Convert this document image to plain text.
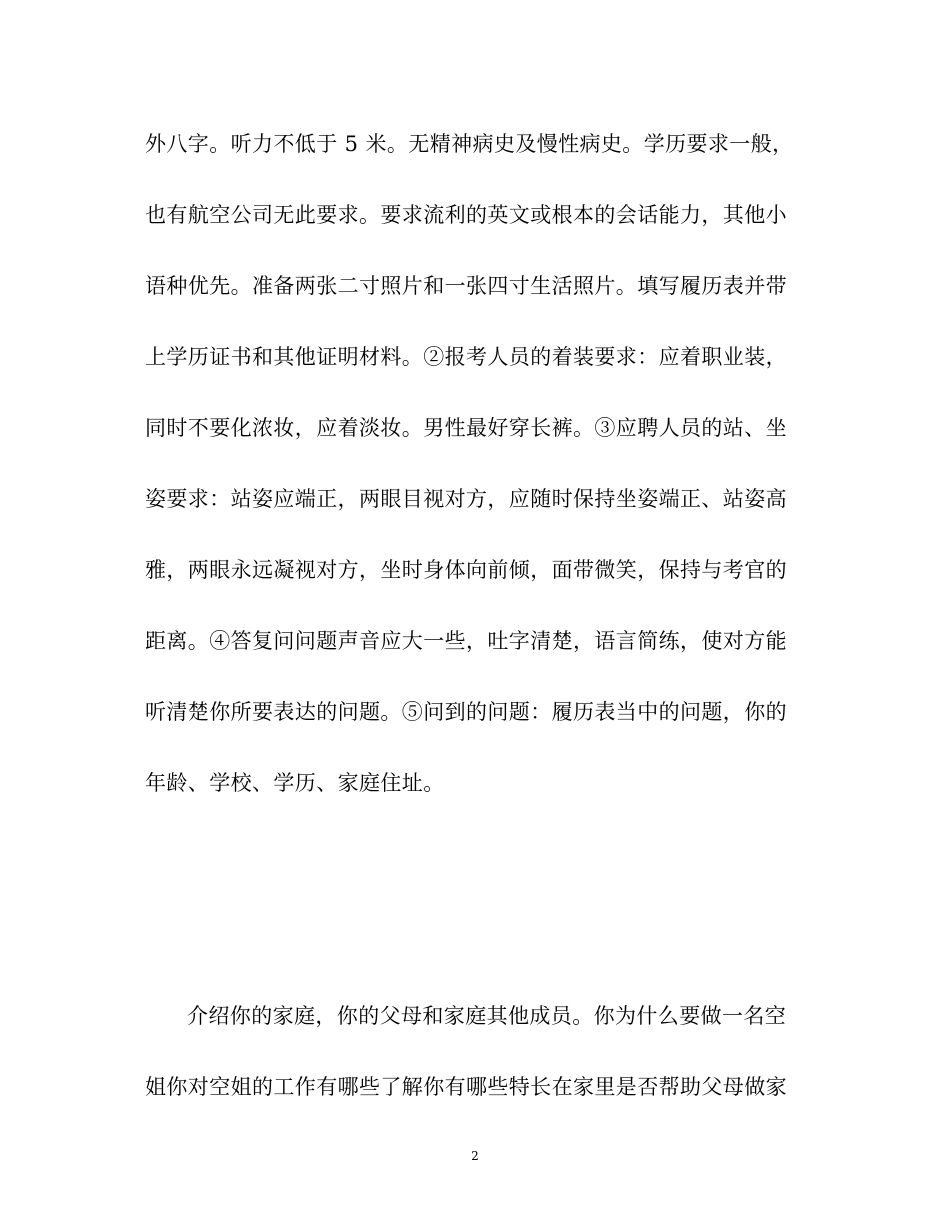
外八字。听力不低于 5 米。无精神病史及慢性病史。学历要求一般，
也有航空公司无此要求。要求流利的英文或根本的会话能力，其他小
语种优先。准备两张二寸照片和一张四寸生活照片。填写履历表并带
上学历证书和其他证明材料。②报考人员的着装要求：应着职业装，
同时不要化浓妆，应着淡妆。男性最好穿长裤。③应聘人员的站、坐
姿要求：站姿应端正，两眼目视对方，应随时保持坐姿端正、站姿高
雅，两眼永远凝视对方，坐时身体向前倾，面带微笑，保持与考官的
距离。④答复问问题声音应大一些，吐字清楚，语言简练，使对方能
听清楚你所要表达的问题。⑤问到的问题：履历表当中的问题，你的
年龄、学校、学历、家庭住址。
介绍你的家庭，你的父母和家庭其他成员。你为什么要做一名空
姐你对空姐的工作有哪些了解你有哪些特长在家里是否帮助父母做家
2
